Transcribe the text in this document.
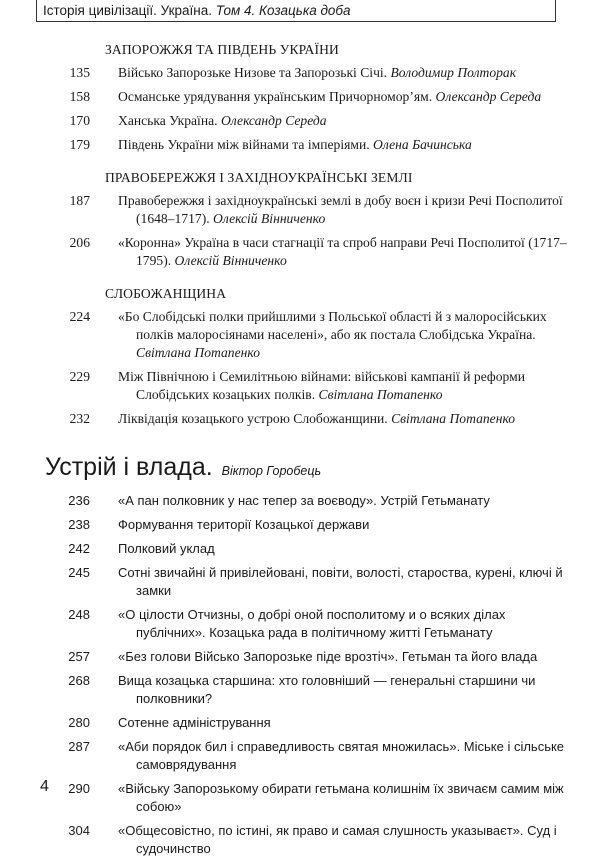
Історія цивілізації. Україна. Том 4. Козацька доба
ЗАПОРОЖЖЯ ТА ПІВДЕНЬ УКРАЇНИ
135 Військо Запорозьке Низове та Запорозькі Січі. Володимир Полторак
158 Османське урядування українським Причорномор’ям. Олександр Середа
170 Ханська Україна. Олександр Середа
179 Південь України між війнами та імперіями. Олена Бачинська
ПРАВОБЕРЕЖЖЯ І ЗАХІДНОУКРАЇНСЬКІ ЗЕМЛІ
187 Правобережжя і західноукраїнські землі в добу воєн і кризи Речі Посполитої (1648–1717). Олексій Вінниченко
206 «Коронна» Україна в часи стагнації та спроб направи Речі Посполитої (1717–1795). Олексій Вінниченко
СЛОБОЖАНЩИНА
224 «Бо Слобідські полки прийшлими з Польської області й з малоросійських полків малоросіянами населені», або як постала Слобідська Україна. Світлана Потапенко
229 Між Північною і Семилітньою війнами: військові кампанії й реформи Слобідських козацьких полків. Світлана Потапенко
232 Ліквідація козацького устрою Слобожанщини. Світлана Потапенко
Устрій і влада. Віктор Горобець
236 «А пан полковник у нас тепер за воєводу». Устрій Гетьманату
238 Формування території Козацької держави
242 Полковий уклад
245 Сотні звичайні й привілейовані, повіти, волості, староства, курені, ключі й замки
248 «О цілости Отчизны, о добрі оной посполитому и о всяких ділах публічних». Козацька рада в політичному житті Гетьманату
257 «Без голови Військо Запорозьке піде врозтіч». Гетьман та його влада
268 Вища козацька старшина: хто головніший — генеральні старшини чи полковники?
280 Сотенне адміністрування
287 «Аби порядок бил і справедливость святая множилась». Міське і сільське самоврядування
290 «Війську Запорозькому обирати гетьмана колишнім їх звичаєм самим між собою»
304 «Общесовістно, по істині, як право и самая слушность указываєт». Суд і судочинство
4
